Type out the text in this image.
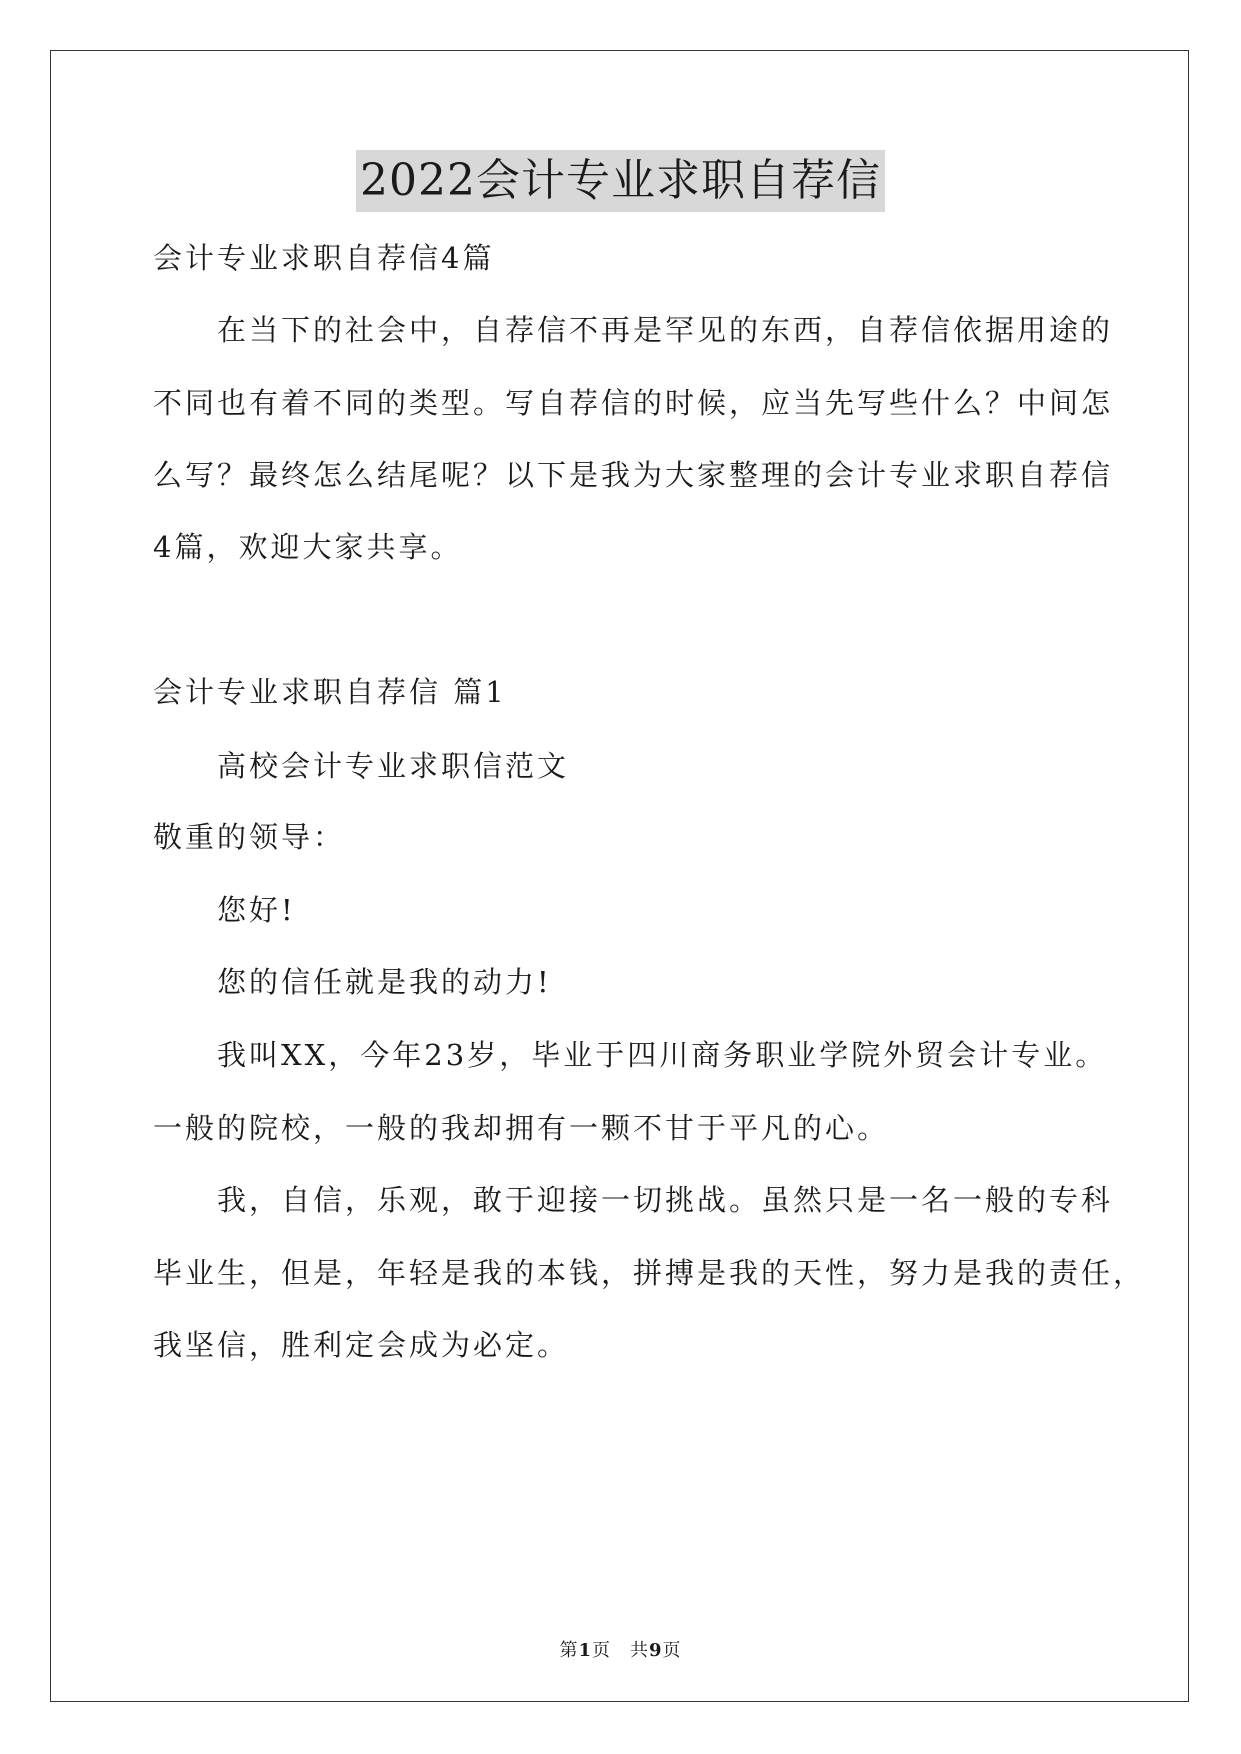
2022会计专业求职自荐信
会计专业求职自荐信4篇
在当下的社会中，自荐信不再是罕见的东西，自荐信依据用途的
不同也有着不同的类型。写自荐信的时候，应当先写些什么？中间怎
么写？最终怎么结尾呢？以下是我为大家整理的会计专业求职自荐信
4篇，欢迎大家共享。
会计专业求职自荐信 篇1
高校会计专业求职信范文
敬重的领导：
您好!
您的信任就是我的动力!
我叫XX，今年23岁，毕业于四川商务职业学院外贸会计专业。
一般的院校，一般的我却拥有一颗不甘于平凡的心。
我，自信，乐观，敢于迎接一切挑战。虽然只是一名一般的专科
毕业生，但是，年轻是我的本钱，拼搏是我的天性，努力是我的责任，
我坚信，胜利定会成为必定。
第1页　共9页
